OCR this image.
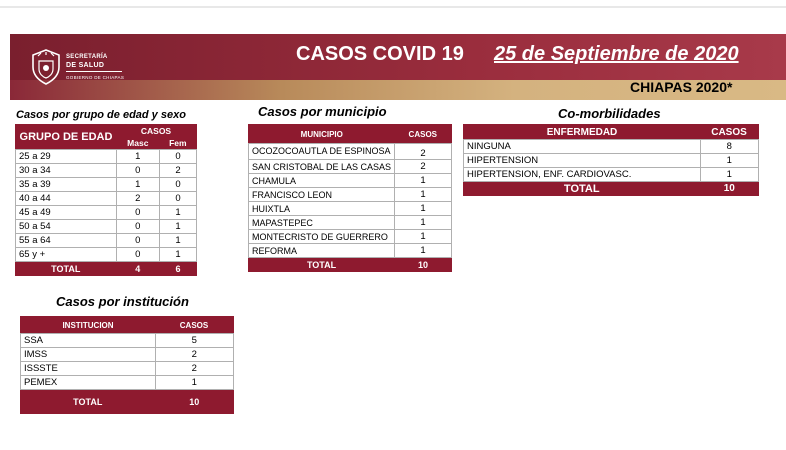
SECRETARÍA
DE SALUD
GOBIERNO DE CHIAPAS
CASOS COVID 19 25 de Septiembre de 2020
CHIAPAS 2020*
Casos por grupo de edad y sexo
GRUPO DE EDAD	CASOS	
	Masc	Fem
25 a 29	1	0
30 a 34	0	2
35 a 39	1	0
40 a 44	2	0
45 a 49	0	1
50 a 54	0	1
55 a 64	0	1
65 y +	0	1
TOTAL	4	6
Casos por municipio
MUNICIPIO	CASOS
OCOZOCOAUTLA DE ESPINOSA	2
SAN CRISTOBAL DE LAS CASAS	2
CHAMULA	1
FRANCISCO LEON	1
HUIXTLA	1
MAPASTEPEC	1
MONTECRISTO DE GUERRERO	1
REFORMA	1
TOTAL	10
Co-morbilidades
ENFERMEDAD	CASOS
NINGUNA	8
HIPERTENSION	1
HIPERTENSION, ENF. CARDIOVASC.	1
TOTAL	10
Casos por institución
INSTITUCION	CASOS
SSA	5
IMSS	2
ISSSTE	2
PEMEX	1
TOTAL	10
